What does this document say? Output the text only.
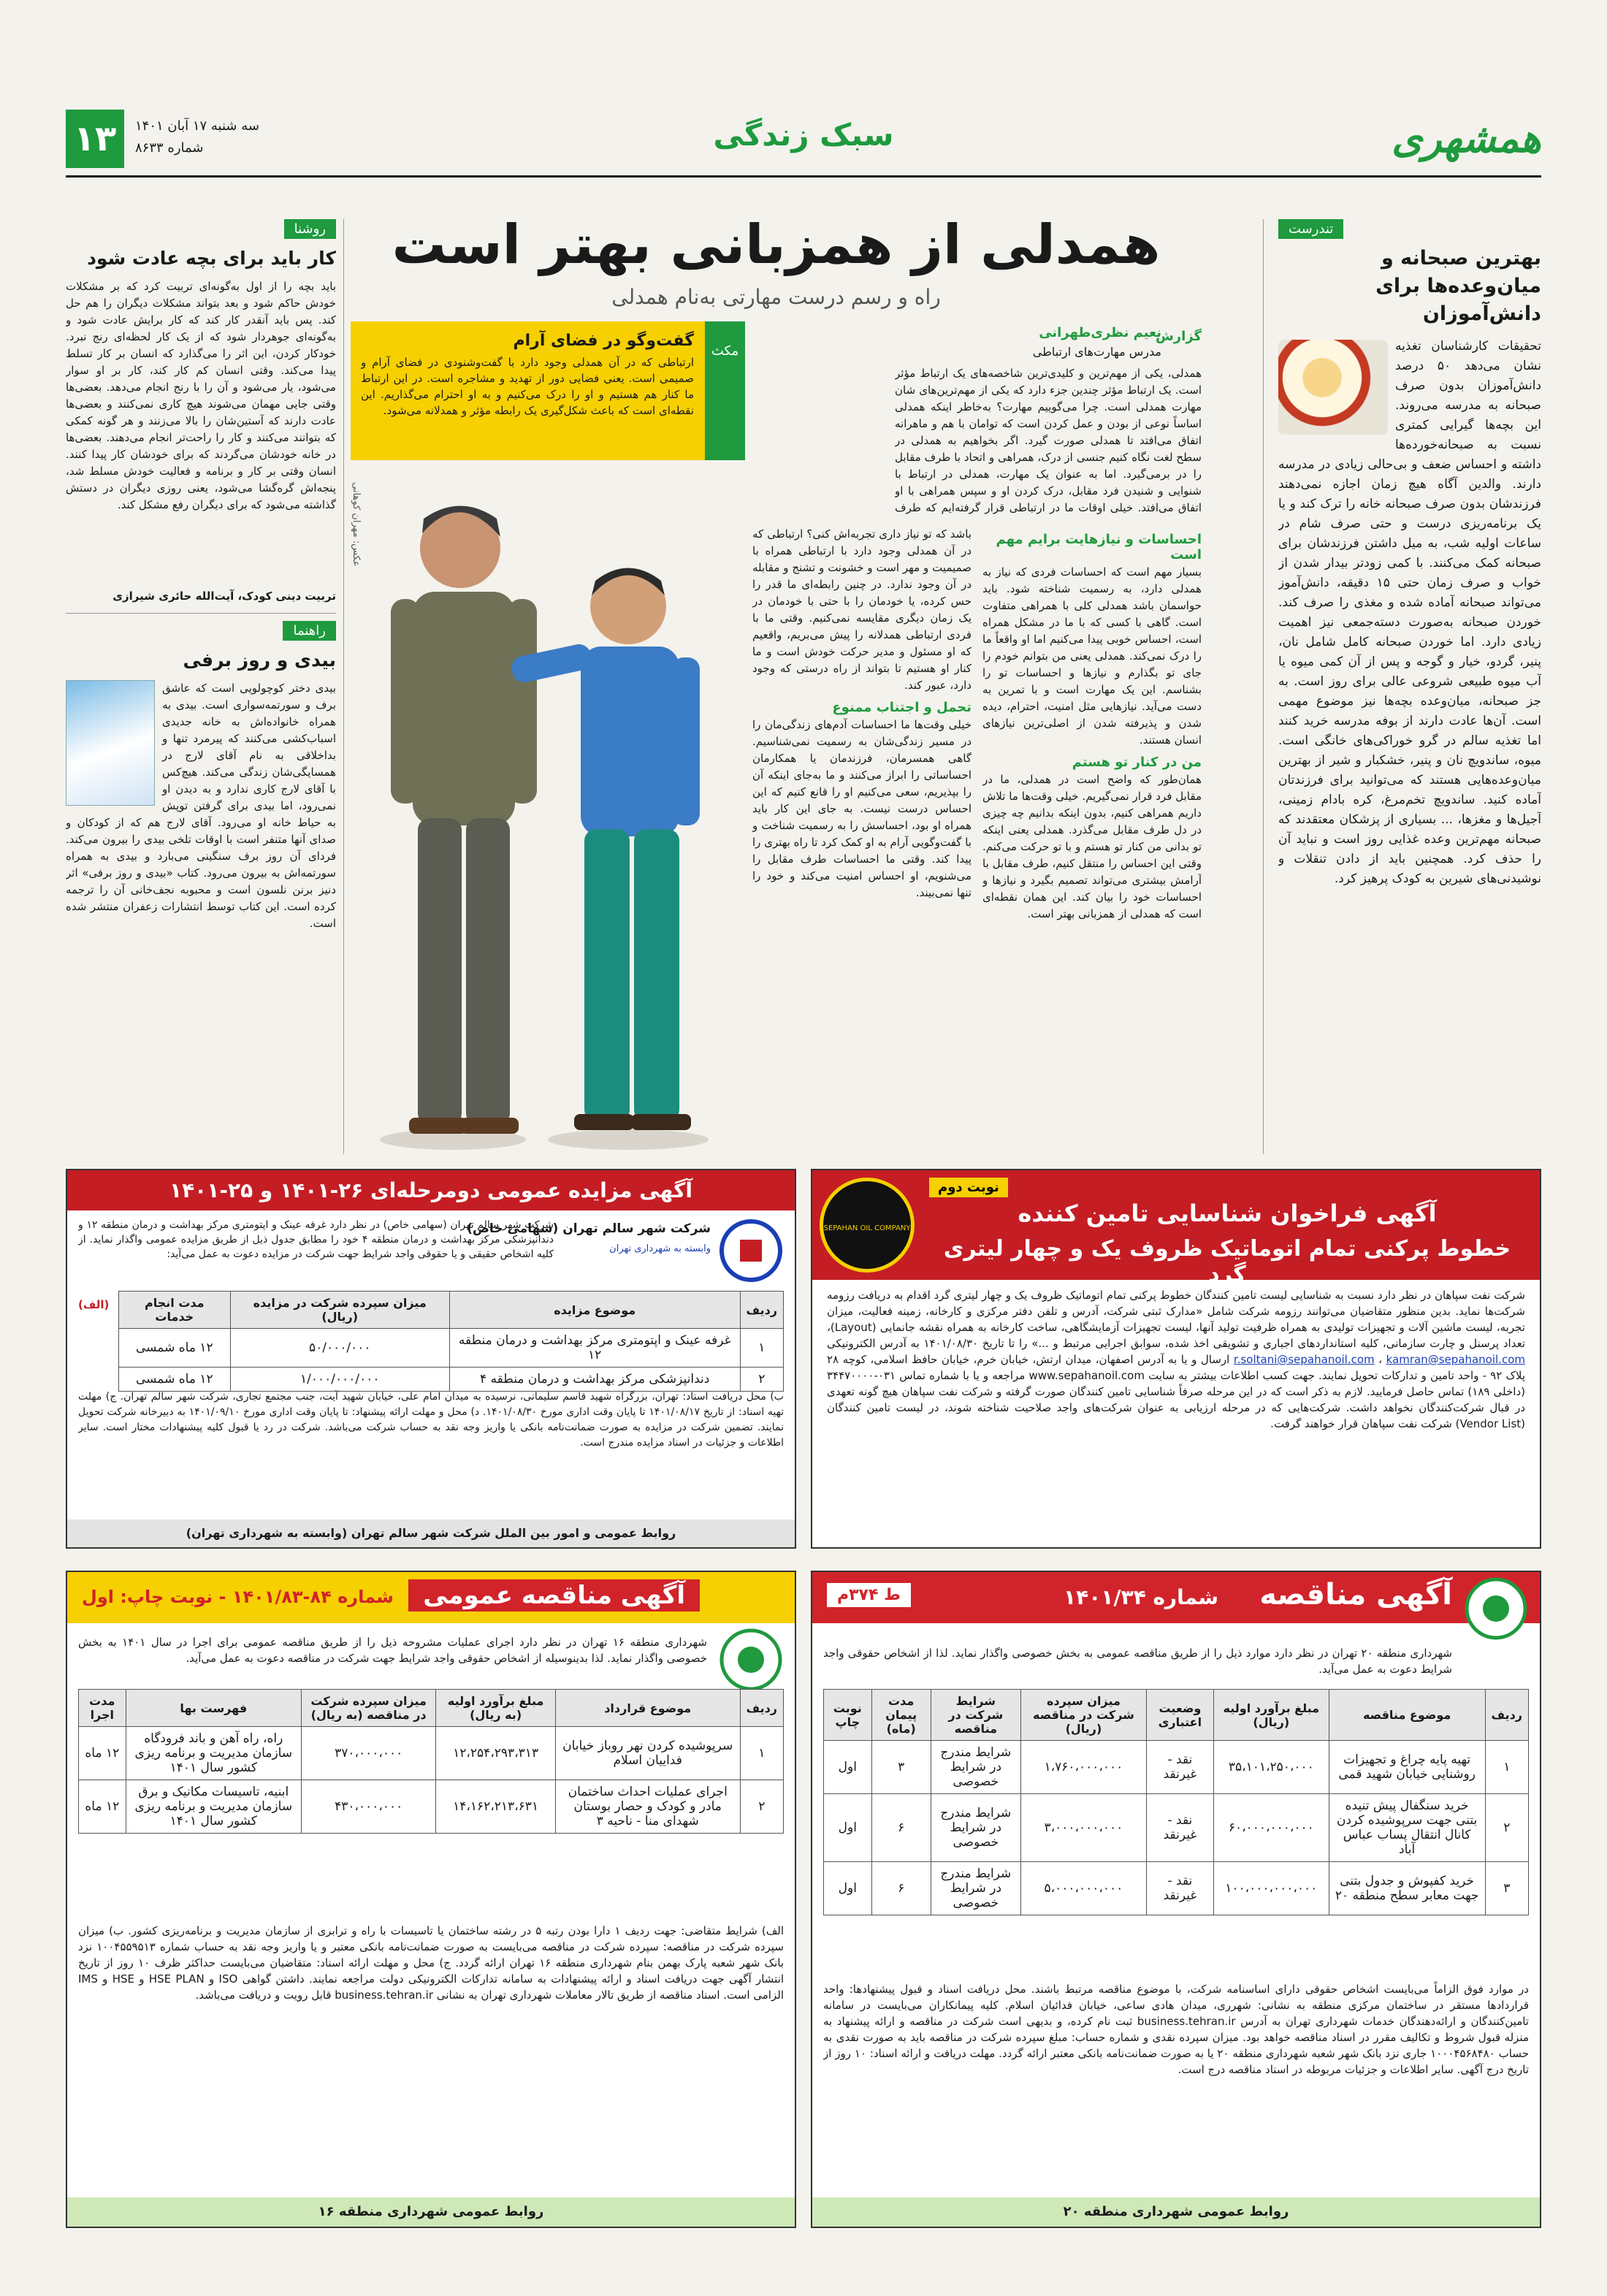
همشهری
سبک زندگی
۱۳	سه شنبه ۱۷ آبان ۱۴۰۱
شماره ۸۶۳۳
تندرست
بهترین صبحانه و میان‌وعده‌ها برای دانش‌آموزان
تحقیقات کارشناسان تغذیه نشان می‌دهد ۵۰ درصد دانش‌آموزان بدون صرف صبحانه به مدرسه می‌روند. این بچه‌ها گیرایی کمتری نسبت به صبحانه‌خورده‌ها داشته و احساس ضعف و بی‌حالی زیادی در مدرسه دارند. والدین آگاه هیچ زمان اجازه نمی‌دهند فرزندشان بدون صرف صبحانه خانه را ترک کند و یا یک برنامه‌ریزی درست و حتی صرف شام در ساعات اولیه شب، به میل داشتن فرزندشان برای صبحانه کمک می‌کنند. با کمی زودتر بیدار شدن از خواب و صرف زمان حتی ۱۵ دقیقه، دانش‌آموز می‌تواند صبحانه آماده شده و مغذی را صرف کند. خوردن صبحانه به‌صورت دسته‌جمعی نیز اهمیت زیادی دارد. اما خوردن صبحانه کامل شامل نان، پنیر، گردو، خیار و گوجه و پس از آن کمی میوه یا آب میوه طبیعی شروعی عالی برای روز است. به جز صبحانه، میان‌وعده بچه‌ها نیز موضوع مهمی است. آن‌ها عادت دارند از بوفه مدرسه خرید کنند اما تغذیه سالم در گرو خوراکی‌های خانگی است. میوه، ساندویچ نان و پنیر، خشکبار و شیر از بهترین میان‌وعده‌هایی هستند که می‌توانید برای فرزندتان آماده کنید. ساندویچ تخم‌مرغ، کره بادام زمینی، آجیل‌ها و مغزها، ... بسیاری از پزشکان معتقدند که صبحانه مهم‌ترین وعده غذایی روز است و نباید آن را حذف کرد. همچنین باید از دادن تنقلات و نوشیدنی‌های شیرین به کودک پرهیز کرد.
همدلی از همزبانی بهتر است
راه و رسم درست مهارتی به‌نام همدلی
گزارش
نعیم نظری‌طهرانی
مدرس مهارت‌های ارتباطی
همدلی، یکی از مهم‌ترین و کلیدی‌ترین شاخصه‌های یک ارتباط مؤثر است. یک ارتباط مؤثر چندین جزء دارد که یکی از مهم‌ترین‌های شان مهارت همدلی است. چرا می‌گوییم مهارت؟ به‌خاطر اینکه همدلی اساساً نوعی از بودن و عمل کردن است که توامان با هم و ماهرانه اتفاق می‌افتد تا همدلی صورت گیرد. اگر بخواهیم به همدلی در سطح لغت نگاه کنیم جنسی از درک، همراهی و اتحاد با طرف مقابل را در برمی‌گیرد. اما به عنوان یک مهارت، همدلی در ارتباط با شنوایی و شنیدن فرد مقابل، درک کردن او و سپس همراهی با او اتفاق می‌افتد. خیلی اوقات ما در ارتباطی قرار گرفته‌ایم که طرف
مکث
گفت‌وگو در فضای آرام
ارتباطی که در آن همدلی وجود دارد با گفت‌وشنودی در فضای آرام و صمیمی است. یعنی فضایی دور از تهدید و مشاجره است. در این ارتباط ما کنار هم هستیم و او را درک می‌کنیم و به او احترام می‌گذاریم. این نقطه‌ای است که باعث شکل‌گیری یک رابطه مؤثر و همدلانه می‌شود.
عکس: مهران کوهانی	احساسات و نیازهایت برایم مهم است
بسیار مهم است که احساسات فردی که نیاز به همدلی دارد، به رسمیت شناخته شود. باید حواسمان باشد همدلی کلی با همراهی متفاوت است. گاهی با کسی که با ما در مشکل همراه است، احساس خوبی پیدا می‌کنیم اما او واقعاً ما را درک نمی‌کند. همدلی یعنی من بتوانم خودم را جای تو بگذارم و نیازها و احساسات تو را بشناسم. این یک مهارت است و با تمرین به دست می‌آید. نیازهایی مثل امنیت، احترام، دیده شدن و پذیرفته شدن از اصلی‌ترین نیازهای انسان هستند.
من در کنار تو هستم
همان‌طور که واضح است در همدلی، ما در مقابل فرد قرار نمی‌گیریم. خیلی وقت‌ها ما تلاش داریم همراهی کنیم، بدون اینکه بدانیم چه چیزی در دل طرف مقابل می‌گذرد. همدلی یعنی اینکه تو بدانی من کنار تو هستم و با تو حرکت می‌کنم. وقتی این احساس را منتقل کنیم، طرف مقابل با آرامش بیشتری می‌تواند تصمیم بگیرد و نیازها و احساسات خود را بیان کند. این همان نقطه‌ای است که همدلی از همزبانی بهتر است.
باشد که تو نیاز داری تجربه‌اش کنی؟ ارتباطی که در آن همدلی وجود دارد با ارتباطی همراه با صمیمیت و مهر است و خشونت و تشنج و مقابله در آن وجود ندارد. در چنین رابطه‌ای ما قدر را حس کرده، یا خودمان را با حتی با خودمان در یک زمان دیگری مقایسه نمی‌کنیم. وقتی ما با فردی ارتباطی همدلانه را پیش می‌بریم، واقعیم که او مسئول و مدیر حرکت خودش است و ما کنار او هستیم تا بتواند از راه درستی که وجود دارد، عبور کند.
تحمل و اجتناب ممنوع
خیلی وقت‌ها ما احساسات آدم‌های زندگی‌مان را در مسیر زندگی‌شان به رسمیت نمی‌شناسیم. گاهی همسرمان، فرزندمان یا همکارمان احساساتی را ابراز می‌کنند و ما به‌جای اینکه آن را بپذیریم، سعی می‌کنیم او را قانع کنیم که این احساس درست نیست. به جای این کار باید همراه او بود، احساسش را به رسمیت شناخت و با گفت‌وگویی آرام به او کمک کرد تا راه بهتری را پیدا کند. وقتی ما احساسات طرف مقابل را می‌شنویم، او احساس امنیت می‌کند و خود را تنها نمی‌بیند.
روشنا
کار باید برای بچه عادت شود
باید بچه را از اول به‌گونه‌ای تربیت کرد که بر مشکلات خودش حاکم شود و بعد بتواند مشکلات دیگران را هم حل کند. پس باید آنقدر کار کند که کار برایش عادت شود و به‌گونه‌ای جوهردار شود که از یک کار لحظه‌ای رنج نبرد. خودکار کردن، این اثر را می‌گذارد که انسان بر کار تسلط پیدا می‌کند. وقتی انسان کم کار کند، کار بر او سوار می‌شود، یار می‌شود و آن را با رنج انجام می‌دهد. بعضی‌ها وقتی جایی مهمان می‌شوند هیچ کاری نمی‌کنند و بعضی‌ها عادت دارند که آستین‌شان را بالا می‌زنند و هر گونه کمکی که بتوانند می‌کنند و کار را راحت‌تر انجام می‌دهند. بعضی‌ها در خانه خودشان می‌گردند که برای خودشان کار پیدا کنند. انسان وقتی بر کار و برنامه و فعالیت خودش مسلط شد، پنجه‌اش گره‌گشا می‌شود، یعنی روزی دیگران در دستش گذاشته می‌شود که برای دیگران رفع مشکل کند.
تربیت دینی کودک، آیت‌الله حائری شیرازی
راهنما
بیدی و روز برفی
بیدی دختر کوچولویی است که عاشق برف و سورتمه‌سواری است. بیدی به همراه خانواده‌اش به خانه جدیدی اسباب‌کشی می‌کنند که پیرمرد تنها و بداخلاقی به نام آقای لارج در همسایگی‌شان زندگی می‌کند. هیچ‌کس با آقای لارج کاری ندارد و به دیدن او نمی‌رود، اما بیدی برای گرفتن توپش به حیاط خانه او می‌رود. آقای لارج هم که از کودکان و صدای آنها متنفر است با اوقات تلخی بیدی را بیرون می‌کند. فردای آن روز برف سنگینی می‌بارد و بیدی به همراه سورتمه‌اش به بیرون می‌رود. کتاب «بیدی و روز برفی» اثر دنیز برنن نلسون است و محبوبه نجف‌خانی آن را ترجمه کرده است. این کتاب توسط انتشارات زعفران منتشر شده است.
SEPAHAN OIL COMPANY
نوبت دوم
آگهی فراخوان شناسایی تامین کننده
خطوط پرکنی تمام اتوماتیک ظروف یک و چهار لیتری گرد
شرکت نفت سپاهان در نظر دارد نسبت به شناسایی لیست تامین کنندگان خطوط پرکنی تمام اتوماتیک ظروف یک و چهار لیتری گرد اقدام به دریافت رزومه شرکت‌ها نماید. بدین منظور متقاضیان می‌توانند رزومه شرکت شامل «مدارک ثبتی شرکت، آدرس و تلفن دفتر مرکزی و کارخانه، زمینه فعالیت، میزان تجربه، لیست ماشین آلات و تجهیزات تولیدی به همراه ظرفیت تولید آنها، لیست تجهیزات آزمایشگاهی، ساخت کارخانه به همراه نقشه جانمایی (Layout)، تعداد پرسنل و چارت سازمانی، کلیه استانداردهای اجباری و تشویقی اخذ شده، سوابق اجرایی مرتبط و ...» را تا تاریخ ۱۴۰۱/۰۸/۳۰ به آدرس الکترونیکی r.soltani@sepahanoil.com ، kamran@sepahanoil.com ارسال و یا به آدرس اصفهان، میدان ارتش، خیابان خرم، خیابان حافظ اسلامی، کوچه ۲۸ پلاک ۹۲ - واحد تامین و تدارکات تحویل نمایند. جهت کسب اطلاعات بیشتر به سایت www.sepahanoil.com مراجعه و یا با شماره تماس ۰۳۱-۳۴۴۷۰۰۰۰ (داخلی ۱۸۹) تماس حاصل فرمایید. لازم به ذکر است که در این مرحله صرفاً شناسایی تامین کنندگان صورت گرفته و شرکت نفت سپاهان هیچ گونه تعهدی در قبال شرکت‌کنندگان نخواهد داشت. شرکت‌هایی که در مرحله ارزیابی به عنوان شرکت‌های واجد صلاحیت شناخته شوند، در لیست تامین کنندگان (Vendor List) شرکت نفت سپاهان قرار خواهند گرفت.
آگهی مزایده عمومی دومرحله‌ای ۲۶-۱۴۰۱ و ۲۵-۱۴۰۱
شرکت شهر سالم تهران (سهامی خاص)
وابسته به شهرداری تهران
شرکت شهر سالم تهران (سهامی خاص) در نظر دارد غرفه عینک و اپتومتری مرکز بهداشت و درمان منطقه ۱۲ و دندانپزشکی مرکز بهداشت و درمان منطقه ۴ خود را مطابق جدول ذیل از طریق مزایده عمومی واگذار نماید. از کلیه اشخاص حقیقی و یا حقوقی واجد شرایط جهت شرکت در مزایده دعوت به عمل می‌آید:
(الف)	ردیف	موضوع مزایده	میزان سپرده شرکت در مزایده (ریال)	مدت انجام خدمات
۱	غرفه عینک و اپتومتری مرکز بهداشت و درمان منطقه ۱۲	۵۰/۰۰۰/۰۰۰	۱۲ ماه شمسی
۲	دندانپزشکی مرکز بهداشت و درمان منطقه ۴	۱/۰۰۰/۰۰۰/۰۰۰	۱۲ ماه شمسی
ب) محل دریافت اسناد: تهران، بزرگراه شهید قاسم سلیمانی، نرسیده به میدان امام علی، خیابان شهید آیت، جنب مجتمع تجاری، شرکت شهر سالم تهران. ج) مهلت تهیه اسناد: از تاریخ ۱۴۰۱/۰۸/۱۷ تا پایان وقت اداری مورخ ۱۴۰۱/۰۸/۳۰. د) محل و مهلت ارائه پیشنهاد: تا پایان وقت اداری مورخ ۱۴۰۱/۰۹/۱۰ به دبیرخانه شرکت تحویل نمایند. تضمین شرکت در مزایده به صورت ضمانت‌نامه بانکی یا واریز وجه نقد به حساب شرکت می‌باشد. شرکت در رد یا قبول کلیه پیشنهادات مختار است. سایر اطلاعات و جزئیات در اسناد مزایده مندرج است.
روابط عمومی و امور بین الملل شرکت شهر سالم تهران (وابسته به شهرداری تهران)
آگهی مناقصه
شماره ۱۴۰۱/۳۴
ط ۳۷۴م
شهرداری منطقه ۲۰ تهران در نظر دارد موارد ذیل را از طریق مناقصه عمومی به بخش خصوصی واگذار نماید. لذا از اشخاص حقوقی واجد شرایط دعوت به عمل می‌آید.
ردیف	موضوع مناقصه	مبلغ برآورد اولیه (ریال)	وضعیت اعتباری	میزان سپرده شرکت در مناقصه (ریال)	شرایط شرکت در مناقصه	مدت پیمان (ماه)	نوبت چاپ
۱	تهیه پایه چراغ و تجهیزات روشنایی خیابان شهید قمی	۳۵،۱۰۱،۲۵۰،۰۰۰	نقد - غیرنقد	۱،۷۶۰،۰۰۰،۰۰۰	شرایط مندرج در شرایط خصوصی	۳	اول
۲	خرید سنگفال پیش تنیده بتنی جهت سرپوشیده کردن کانال انتقال پساب عباس آباد	۶۰،۰۰۰،۰۰۰،۰۰۰	نقد - غیرنقد	۳،۰۰۰،۰۰۰،۰۰۰	شرایط مندرج در شرایط خصوصی	۶	اول
۳	خرید کفپوش و جدول بتنی جهت معابر سطح منطقه ۲۰	۱۰۰،۰۰۰،۰۰۰،۰۰۰	نقد - غیرنقد	۵،۰۰۰،۰۰۰،۰۰۰	شرایط مندرج در شرایط خصوصی	۶	اول
در موارد فوق الزاماً می‌بایست اشخاص حقوقی دارای اساسنامه شرکت، با موضوع مناقصه مرتبط باشند. محل دریافت اسناد و قبول پیشنهادها: واحد قراردادها مستقر در ساختمان مرکزی منطقه به نشانی: شهرری، میدان هادی ساعی، خیابان فدائیان اسلام. کلیه پیمانکاران می‌بایست در سامانه تامین‌کنندگان و ارائه‌دهندگان خدمات شهرداری تهران به آدرس business.tehran.ir ثبت نام کرده، و بدیهی است شرکت در مناقصه و ارائه پیشنهاد به منزله قبول شروط و تکالیف مقرر در اسناد مناقصه خواهد بود. میزان سپرده نقدی و شماره حساب: مبلغ سپرده شرکت در مناقصه باید به صورت نقدی به حساب ۱۰۰۰۴۵۶۸۴۸۰ جاری نزد بانک شهر شعبه شهرداری منطقه ۲۰ یا به صورت ضمانت‌نامه بانکی معتبر ارائه گردد. مهلت دریافت و ارائه اسناد: ۱۰ روز از تاریخ درج آگهی. سایر اطلاعات و جزئیات مربوطه در اسناد مناقصه درج است.
روابط عمومی شهرداری منطقه ۲۰
آگهی مناقصه عمومی
شماره ۸۴-۱۴۰۱/۸۳ - نوبت چاپ: اول
شهرداری منطقه ۱۶ تهران در نظر دارد اجرای عملیات مشروحه ذیل را از طریق مناقصه عمومی برای اجرا در سال ۱۴۰۱ به بخش خصوصی واگذار نماید. لذا بدینوسیله از اشخاص حقوقی واجد شرایط جهت شرکت در مناقصه دعوت به عمل می‌آید.
ردیف	موضوع قرارداد	مبلغ برآورد اولیه (به ریال)	میزان سپرده شرکت در مناقصه (به ریال)	فهرست بها	مدت اجرا
۱	سرپوشیده کردن نهر روباز خیابان فداییان اسلام	۱۲،۲۵۴،۲۹۳،۳۱۳	۳۷۰،۰۰۰،۰۰۰	راه، راه آهن و باند فرودگاه سازمان مدیریت و برنامه ریزی کشور سال ۱۴۰۱	۱۲ ماه
۲	اجرای عملیات احداث ساختمان مادر و کودک و حصار بوستان شهدای منا - ناحیه ۳	۱۴،۱۶۲،۲۱۳،۶۳۱	۴۳۰،۰۰۰،۰۰۰	ابنیه، تاسیسات مکانیک و برق سازمان مدیریت و برنامه ریزی کشور سال ۱۴۰۱	۱۲ ماه
الف) شرایط متقاضی: جهت ردیف ۱ دارا بودن رتبه ۵ در رشته ساختمان یا تاسیسات با راه و ترابری از سازمان مدیریت و برنامه‌ریزی کشور. ب) میزان سپرده شرکت در مناقصه: سپرده شرکت در مناقصه می‌بایست به صورت ضمانت‌نامه بانکی معتبر و یا واریز وجه نقد به حساب شماره ۱۰۰۴۵۵۹۵۱۳ نزد بانک شهر شعبه پارک بهمن بنام شهرداری منطقه ۱۶ تهران ارائه گردد. ج) محل و مهلت ارائه اسناد: متقاضیان می‌بایست حداکثر ظرف ۱۰ روز از تاریخ انتشار آگهی جهت دریافت اسناد و ارائه پیشنهادات به سامانه تدارکات الکترونیکی دولت مراجعه نمایند. داشتن گواهی ISO و HSE PLAN و HSE و IMS الزامی است. اسناد مناقصه از طریق تالار معاملات شهرداری تهران به نشانی business.tehran.ir قابل رویت و دریافت می‌باشد.
روابط عمومی شهرداری منطقه ۱۶
